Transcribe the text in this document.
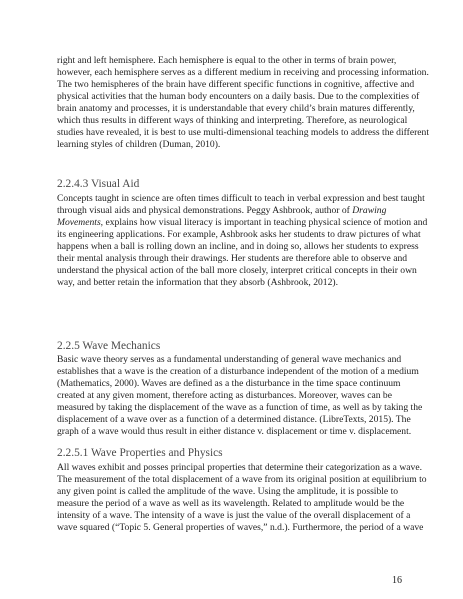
right and left hemisphere. Each hemisphere is equal to the other in terms of brain power,
however, each hemisphere serves as a different medium in receiving and processing information.
The two hemispheres of the brain have different specific functions in cognitive, affective and
physical activities that the human body encounters on a daily basis. Due to the complexities of
brain anatomy and processes, it is understandable that every child’s brain matures differently,
which thus results in different ways of thinking and interpreting. Therefore, as neurological
studies have revealed, it is best to use multi-dimensional teaching models to address the different
learning styles of children (Duman, 2010).
2.2.4.3 Visual Aid
Concepts taught in science are often times difficult to teach in verbal expression and best taught
through visual aids and physical demonstrations. Peggy Ashbrook, author of Drawing
Movements, explains how visual literacy is important in teaching physical science of motion and
its engineering applications. For example, Ashbrook asks her students to draw pictures of what
happens when a ball is rolling down an incline, and in doing so, allows her students to express
their mental analysis through their drawings. Her students are therefore able to observe and
understand the physical action of the ball more closely, interpret critical concepts in their own
way, and better retain the information that they absorb (Ashbrook, 2012).
2.2.5 Wave Mechanics
Basic wave theory serves as a fundamental understanding of general wave mechanics and
establishes that a wave is the creation of a disturbance independent of the motion of a medium
(Mathematics, 2000). Waves are defined as a the disturbance in the time space continuum
created at any given moment, therefore acting as disturbances. Moreover, waves can be
measured by taking the displacement of the wave as a function of time, as well as by taking the
displacement of a wave over as a function of a determined distance. (LibreTexts, 2015). The
graph of a wave would thus result in either distance v. displacement or time v. displacement.
2.2.5.1 Wave Properties and Physics
All waves exhibit and posses principal properties that determine their categorization as a wave.
The measurement of the total displacement of a wave from its original position at equilibrium to
any given point is called the amplitude of the wave. Using the amplitude, it is possible to
measure the period of a wave as well as its wavelength. Related to amplitude would be the
intensity of a wave. The intensity of a wave is just the value of the overall displacement of a
wave squared (“Topic 5. General properties of waves,” n.d.). Furthermore, the period of a wave
16
